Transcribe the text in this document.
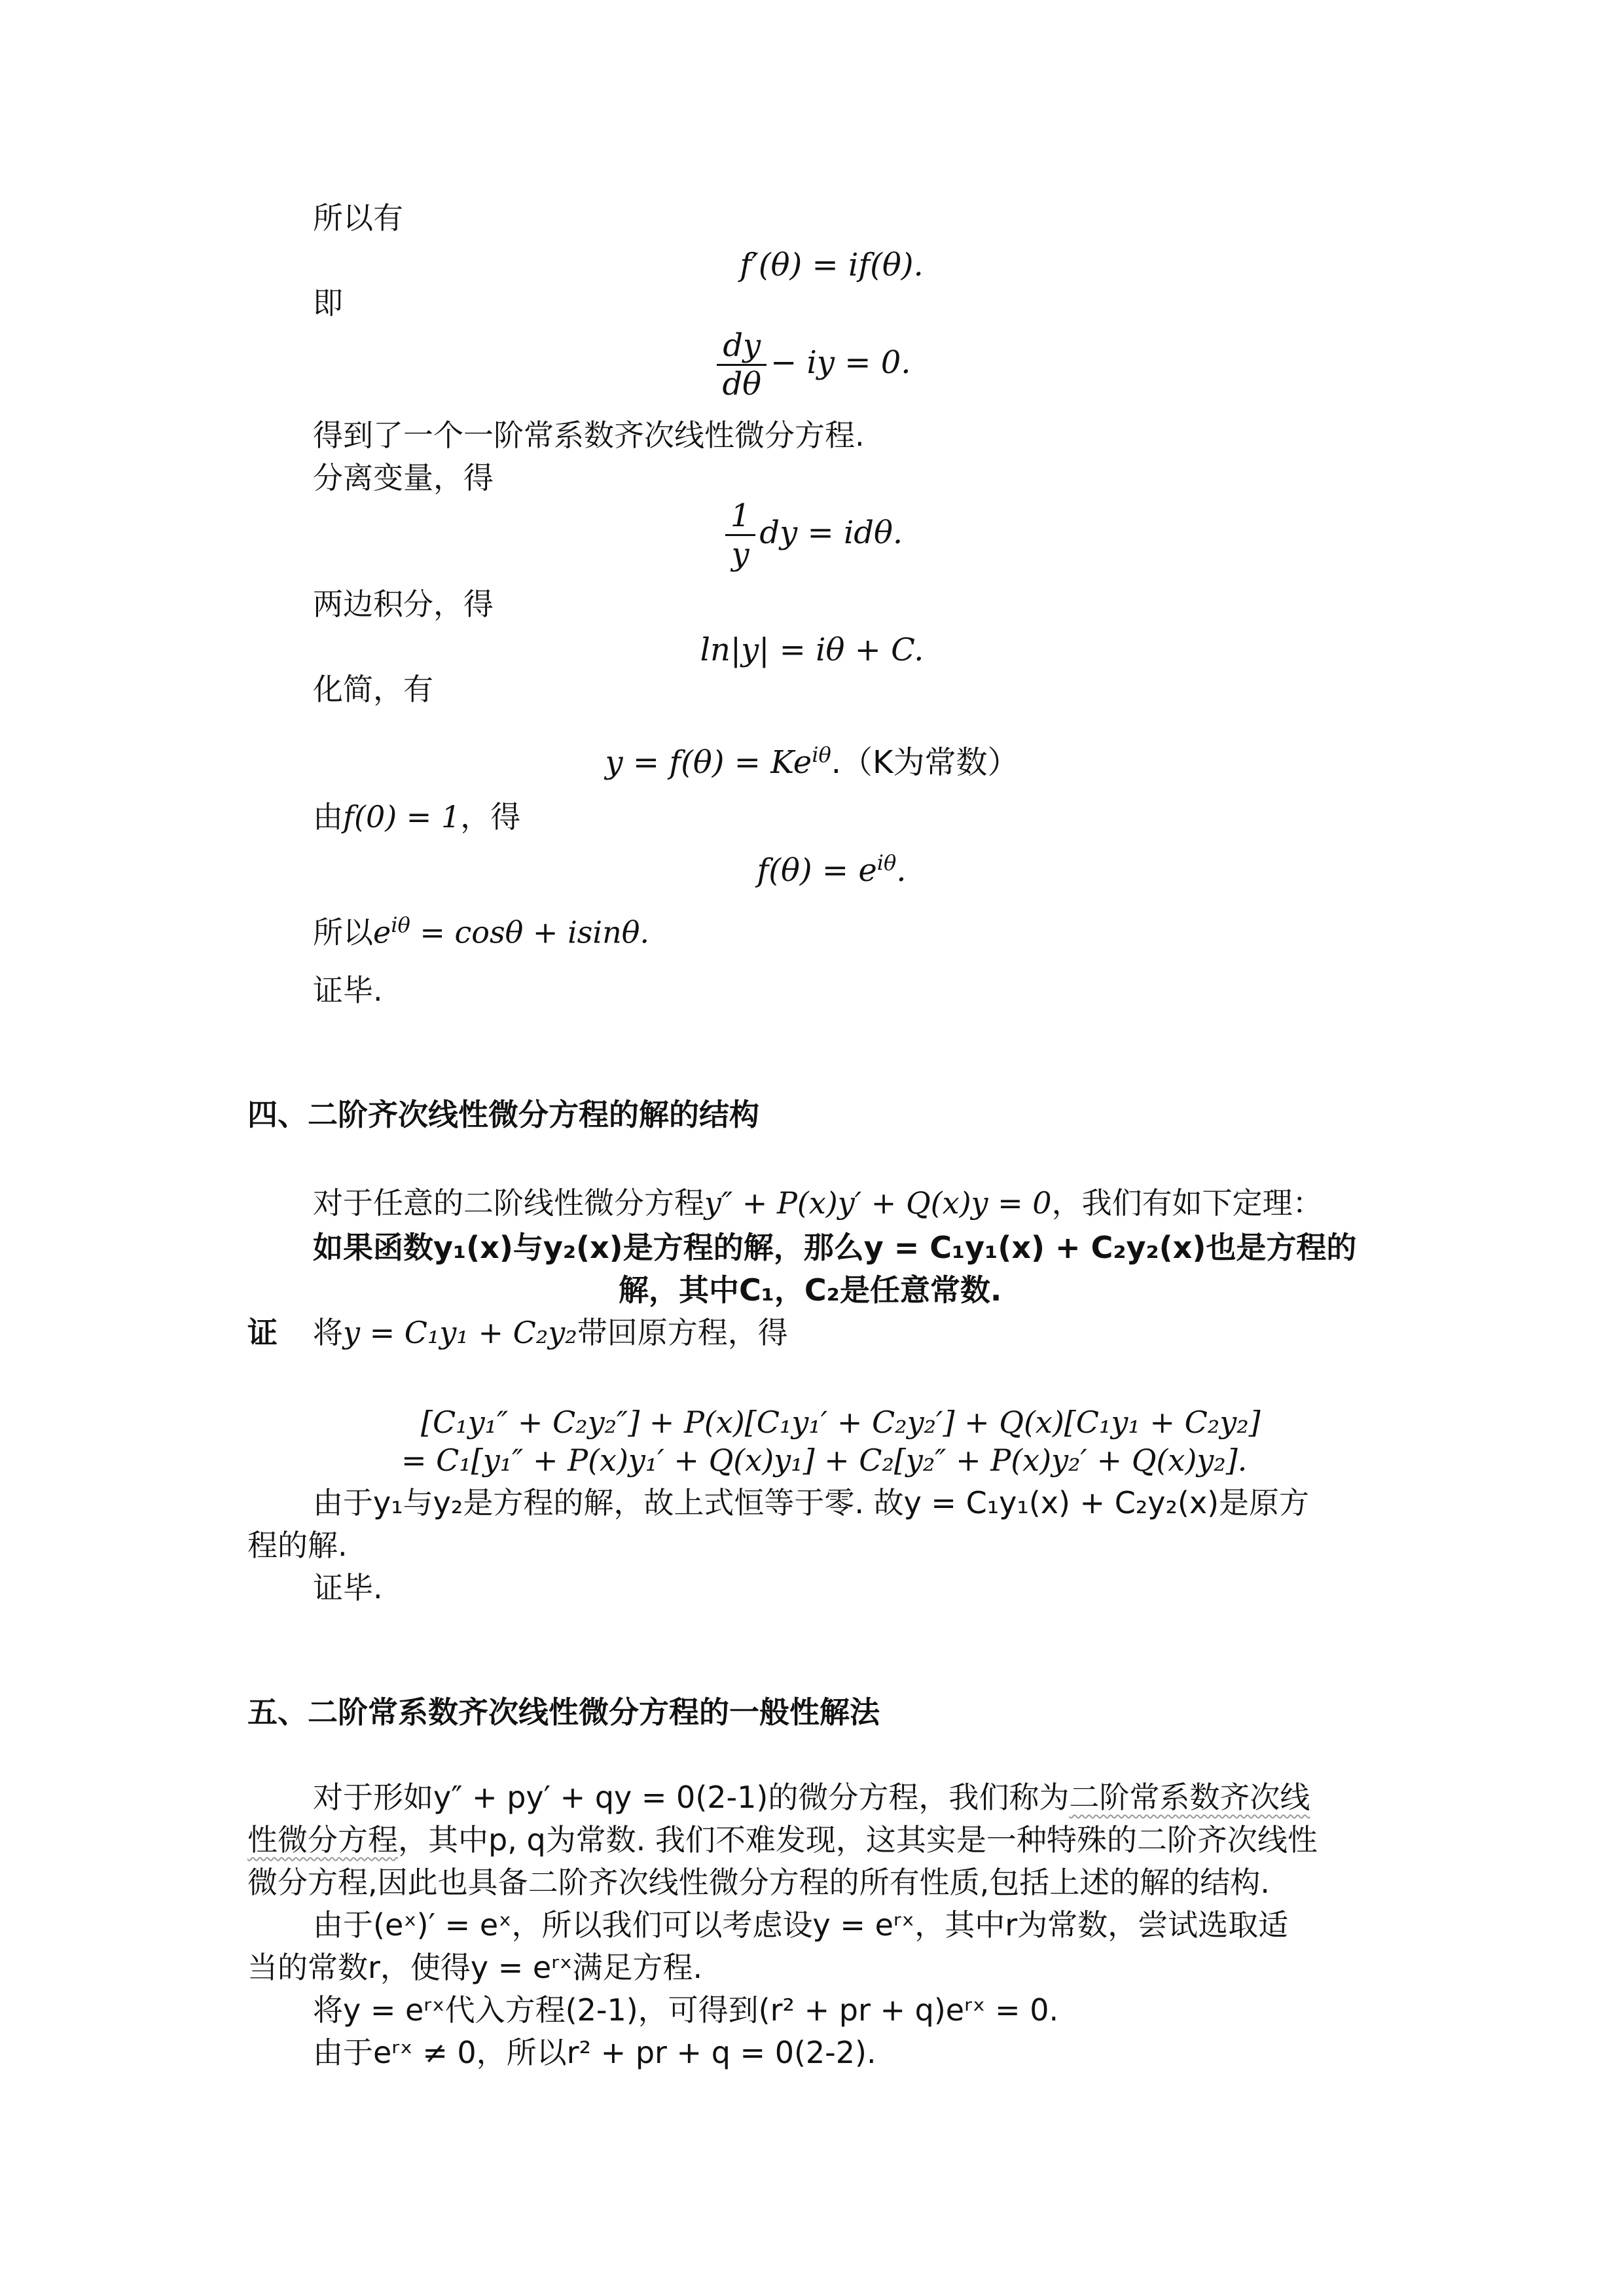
所以有
f′(θ) = if(θ).
即
$\frac{dy}{d\theta}$ − iy = 0.
得到了一个一阶常系数齐次线性微分方程.
分离变量，得
$\frac{1}{y}$ dy = idθ.
两边积分，得
ln|y| = iθ + C.
化简，有
$y = f(\theta) = Ke^{i\theta}.(K$为常数）
由f(0) = 1，得
$f(\theta) = e^{i\theta}$.
所以$e^{i\theta} = \cos\theta + isin\theta$.
证毕.
四、二阶齐次线性微分方程的解的结构
对于任意的二阶线性微分方程y″ + P(x)y′ + Q(x)y = 0，我们有如下定理：
如果函数y₁(x)与y₂(x)是方程的解，那么y = C₁y₁(x) + C₂y₂(x)也是方程的
解，其中C₁，C₂是任意常数.
证 将y = C₁y₁ + C₂y₂带回原方程，得
[C₁y₁″ + C₂y₂″] + P(x)[C₁y₁′ + C₂y₂′] + Q(x)[C₁y₁ + C₂y₂]
= C₁[y₁″ + P(x)y₁′ + Q(x)y₁] + C₂[y₂″ + P(x)y₂′ + Q(x)y₂].
由于y₁与y₂是方程的解，故上式恒等于零. 故y = C₁y₁(x) + C₂y₂(x)是原方
程的解.
证毕.
五、二阶常系数齐次线性微分方程的一般性解法
对于形如y″ + py′ + qy = 0(2-1)的微分方程，我们称为二阶常系数齐次线
性微分方程，其中p, q为常数. 我们不难发现，这其实是一种特殊的二阶齐次线性
微分方程,因此也具备二阶齐次线性微分方程的所有性质,包括上述的解的结构.
由于(eˣ)′ = eˣ，所以我们可以考虑设y = eʳˣ，其中r为常数，尝试选取适
当的常数r，使得y = eʳˣ满足方程.
将y = eʳˣ代入方程(2-1)，可得到(r² + pr + q)eʳˣ = 0.
由于eʳˣ ≠ 0，所以r² + pr + q = 0(2-2).
